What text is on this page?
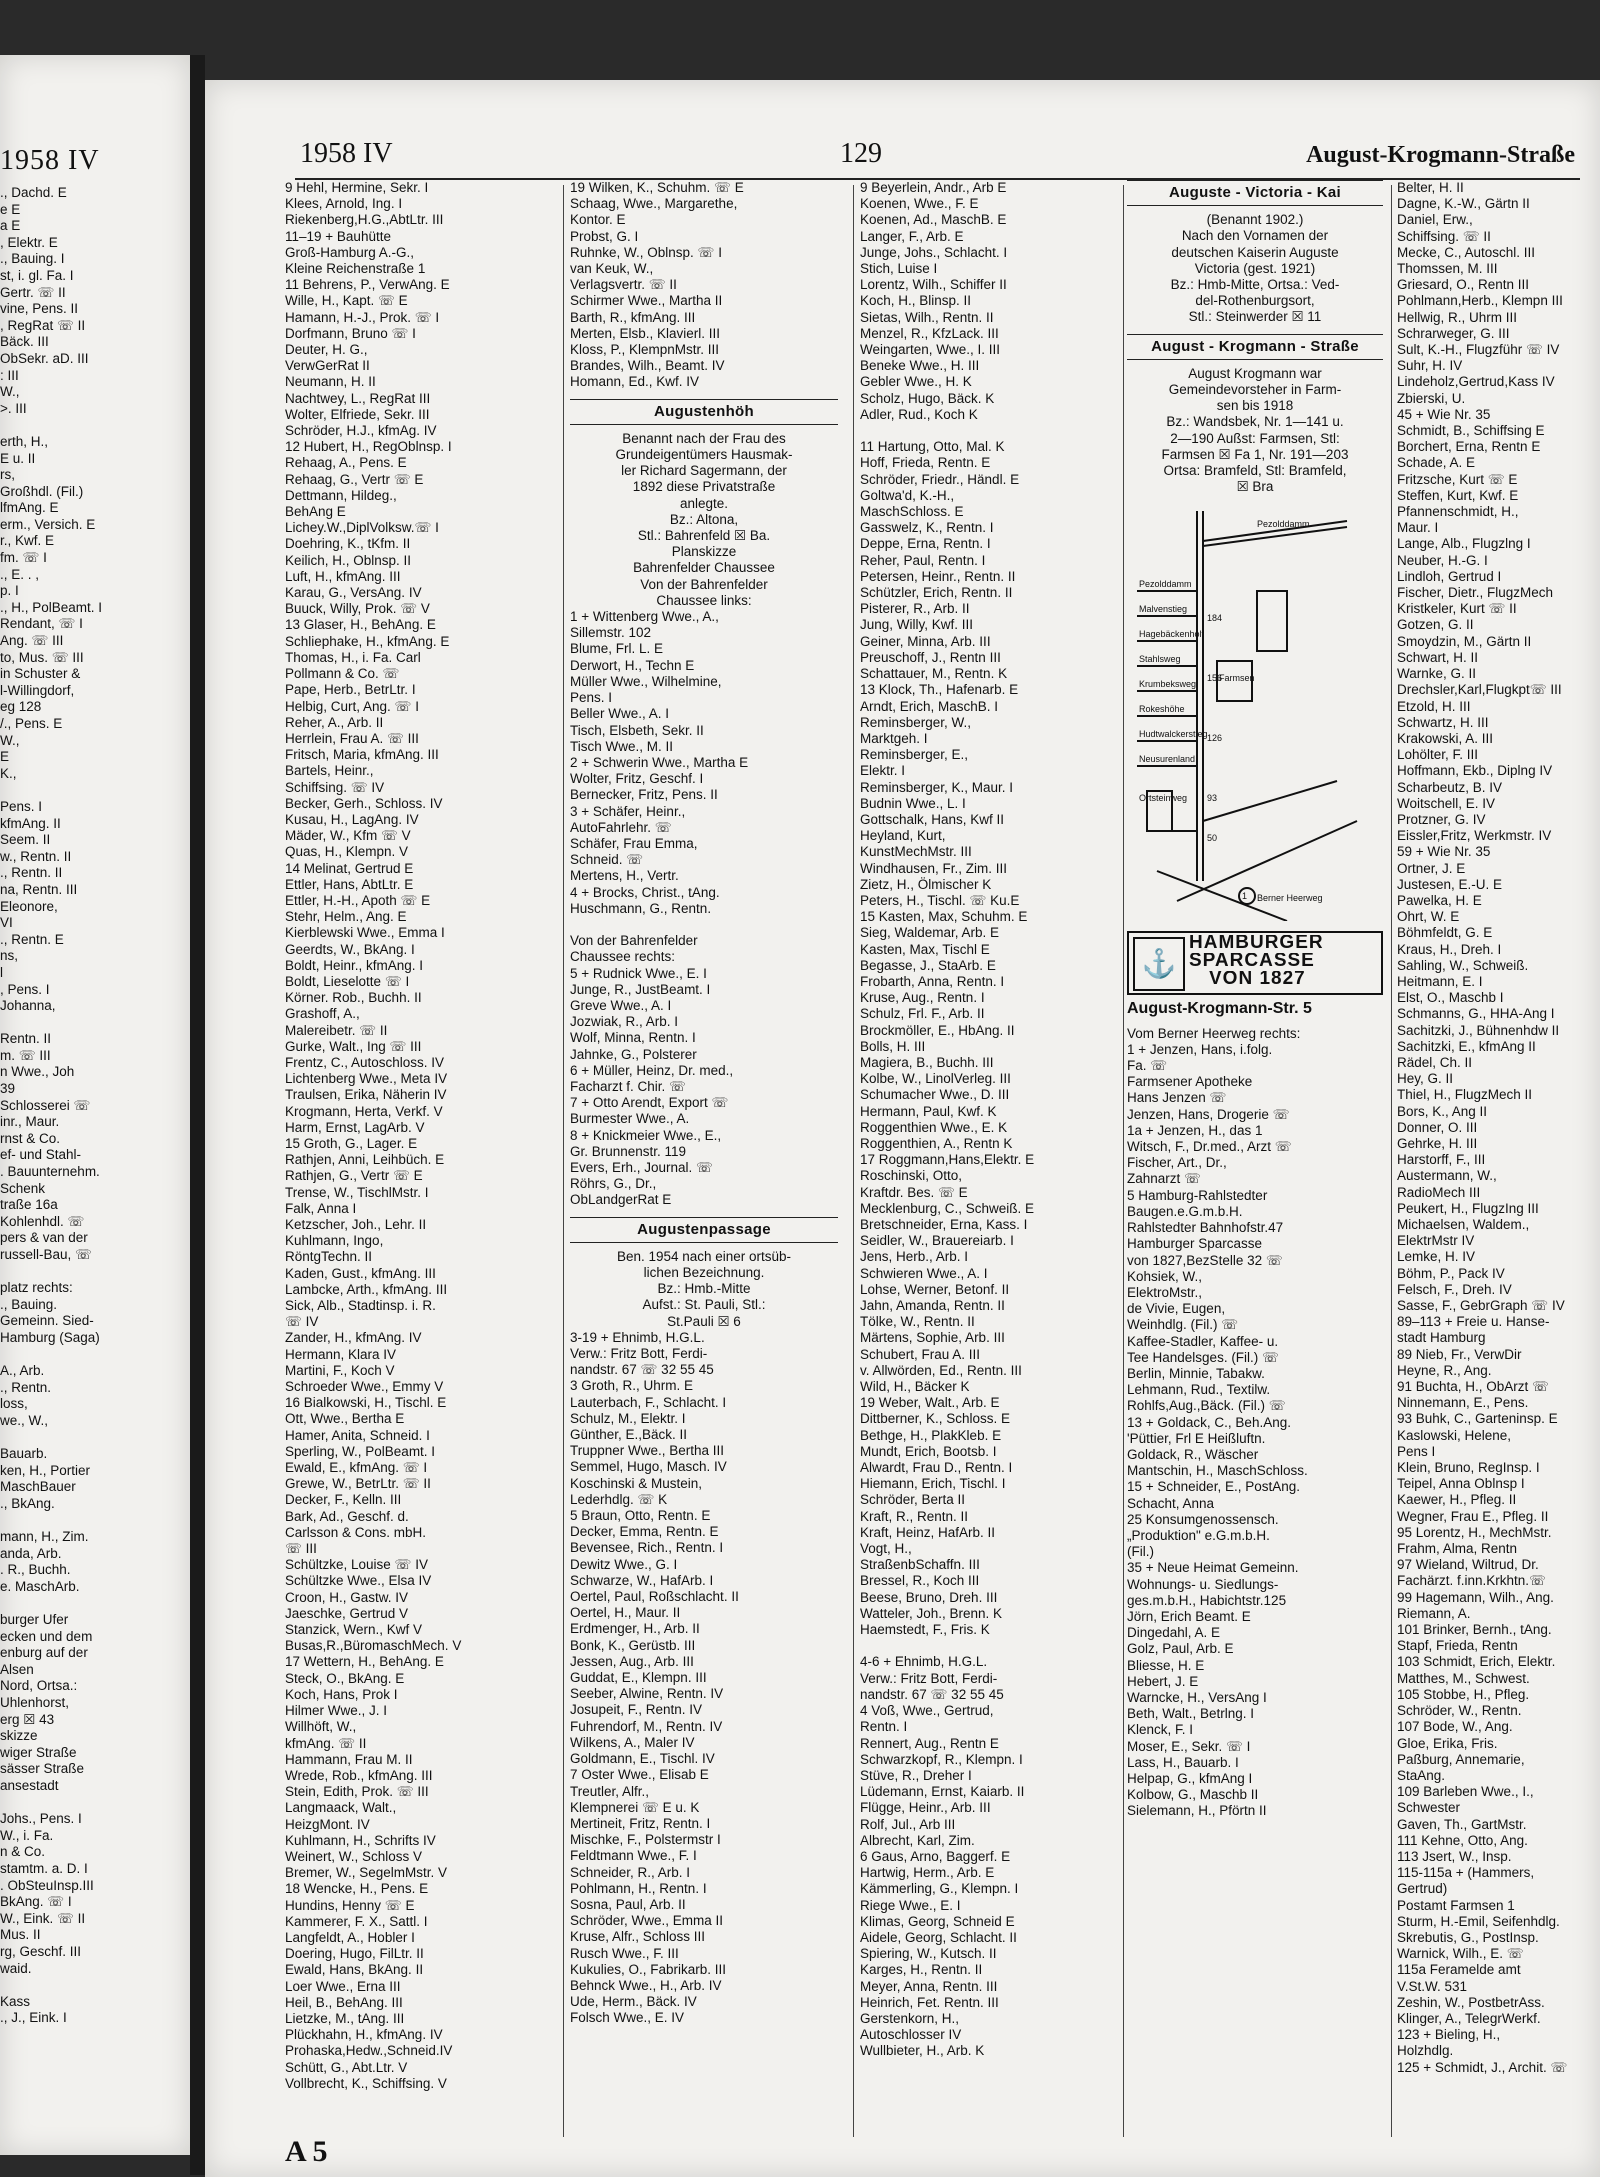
1958 IV
., Dachd. E
e E
a E
, Elektr. E
., Bauing. I
st, i. gl. Fa. I
Gertr. ☏ II
vine, Pens. II
, RegRat ☏ II
Bäck. III
ObSekr. aD. III
: III
W.,
>. III

erth, H.,
E u. II
rs,
Großhdl. (Fil.)
lfmAng. E
erm., Versich. E
r., Kwf. E
fm. ☏ I
., E. . ,
p. I
., H., PolBeamt. I
Rendant, ☏ I
Ang. ☏ III
to, Mus. ☏ III
in Schuster &
l-Willingdorf,
eg 128
/., Pens. E
W.,
E
K.,

Pens. I
kfmAng. II
Seem. II
w., Rentn. II
., Rentn. II
na, Rentn. III
Eleonore,
VI
., Rentn. E
ns,
l
, Pens. I
Johanna,

Rentn. II
m. ☏ III
n Wwe., Joh
39
Schlosserei ☏
inr., Maur.
rnst & Co.
ef- und Stahl-
. Bauunternehm.
Schenk
traße 16a
Kohlenhdl. ☏
pers & van der
russell-Bau, ☏

platz rechts:
., Bauing.
Gemeinn. Sied-
Hamburg (Saga)

A., Arb.
., Rentn.
loss,
we., W.,

Bauarb.
ken, H., Portier
MaschBauer
., BkAng.

mann, H., Zim.
anda, Arb.
. R., Buchh.
e. MaschArb.

burger Ufer
ecken und dem
enburg auf der
Alsen
Nord, Ortsa.:
Uhlenhorst,
erg ☒ 43
skizze
wiger Straße
sässer Straße
ansestadt

Johs., Pens. I
W., i. Fa.
n & Co.
stamtm. a. D. I
. ObSteuInsp.III
BkAng. ☏ I
W., Eink. ☏ II
Mus. II
rg, Geschf. III
waid.

Kass
., J., Eink. I
1958 IV	129	August-Krogmann-Straße
9 Hehl, Hermine, Sekr. I
Klees, Arnold, Ing. I
Riekenberg,H.G.,AbtLtr. III
11–19 + Bauhütte
Groß-Hamburg A.-G.,
Kleine Reichenstraße 1
11 Behrens, P., VerwAng. E
Wille, H., Kapt. ☏ E
Hamann, H.-J., Prok. ☏ I
Dorfmann, Bruno ☏ I
Deuter, H. G.,
VerwGerRat II
Neumann, H. II
Nachtwey, L., RegRat III
Wolter, Elfriede, Sekr. III
Schröder, H.J., kfmAg. IV
12 Hubert, H., RegOblnsp. I
Rehaag, A., Pens. E
Rehaag, G., Vertr ☏ E
Dettmann, Hildeg.,
BehAng E
Lichey.W.,DiplVolksw.☏ I
Doehring, K., tKfm. II
Keilich, H., Oblnsp. II
Luft, H., kfmAng. III
Karau, G., VersAng. IV
Buuck, Willy, Prok. ☏ V
13 Glaser, H., BehAng. E
Schliephake, H., kfmAng. E
Thomas, H., i. Fa. Carl
Pollmann & Co. ☏
Pape, Herb., BetrLtr. I
Helbig, Curt, Ang. ☏ I
Reher, A., Arb. II
Herrlein, Frau A. ☏ III
Fritsch, Maria, kfmAng. III
Bartels, Heinr.,
Schiffsing. ☏ IV
Becker, Gerh., Schloss. IV
Kusau, H., LagAng. IV
Mäder, W., Kfm ☏ V
Quas, H., Klempn. V
14 Melinat, Gertrud E
Ettler, Hans, AbtLtr. E
Ettler, H.-H., Apoth ☏ E
Stehr, Helm., Ang. E
Kierblewski Wwe., Emma I
Geerdts, W., BkAng. I
Boldt, Heinr., kfmAng. I
Boldt, Lieselotte ☏ I
Körner. Rob., Buchh. II
Grashoff, A.,
Malereibetr. ☏ II
Gurke, Walt., Ing ☏ III
Frentz, C., Autoschloss. IV
Lichtenberg Wwe., Meta IV
Traulsen, Erika, Näherin IV
Krogmann, Herta, Verkf. V
Harm, Ernst, LagArb. V
15 Groth, G., Lager. E
Rathjen, Anni, Leihbüch. E
Rathjen, G., Vertr ☏ E
Trense, W., TischlMstr. I
Falk, Anna I
Ketzscher, Joh., Lehr. II
Kuhlmann, Ingo,
RöntgTechn. II
Kaden, Gust., kfmAng. III
Lambcke, Arth., kfmAng. III
Sick, Alb., Stadtinsp. i. R.
☏ IV
Zander, H., kfmAng. IV
Hermann, Klara IV
Martini, F., Koch V
Schroeder Wwe., Emmy V
16 Bialkowski, H., Tischl. E
Ott, Wwe., Bertha E
Hamer, Anita, Schneid. I
Sperling, W., PolBeamt. I
Ewald, E., kfmAng. ☏ I
Grewe, W., BetrLtr. ☏ II
Decker, F., Kelln. III
Bark, Ad., Geschf. d.
Carlsson & Cons. mbH.
☏ III
Schültzke, Louise ☏ IV
Schültzke Wwe., Elsa IV
Croon, H., Gastw. IV
Jaeschke, Gertrud V
Stanzick, Wern., Kwf V
Busas,R.,BüromaschMech. V
17 Wettern, H., BehAng. E
Steck, O., BkAng. E
Koch, Hans, Prok I
Hilmer Wwe., J. I
Willhöft, W.,
kfmAng. ☏ II
Hammann, Frau M. II
Wrede, Rob., kfmAng. III
Stein, Edith, Prok. ☏ III
Langmaack, Walt.,
HeizgMont. IV
Kuhlmann, H., Schrifts IV
Weinert, W., Schloss V
Bremer, W., SegelmMstr. V
18 Wencke, H., Pens. E
Hundins, Henny ☏ E
Kammerer, F. X., Sattl. I
Langfeldt, A., Hobler I
Doering, Hugo, FilLtr. II
Ewald, Hans, BkAng. II
Loer Wwe., Erna III
Heil, B., BehAng. III
Lietzke, M., tAng. III
Plückhahn, H., kfmAng. IV
Prohaska,Hedw.,Schneid.IV
Schütt, G., Abt.Ltr. V
Vollbrecht, K., Schiffsing. V
19 Wilken, K., Schuhm. ☏ E
Schaag, Wwe., Margarethe,
Kontor. E
Probst, G. I
Ruhnke, W., Oblnsp. ☏ I
van Keuk, W.,
Verlagsvertr. ☏ II
Schirmer Wwe., Martha II
Barth, R., kfmAng. III
Merten, Elsb., Klavierl. III
Kloss, P., KlempnMstr. III
Brandes, Wilh., Beamt. IV
Homann, Ed., Kwf. IV
Augustenhöh
Benannt nach der Frau des
Grundeigentümers Hausmak-
ler Richard Sagermann, der
1892 diese Privatstraße
anlegte.
Bz.: Altona,
Stl.: Bahrenfeld ☒ Ba.
Planskizze
Bahrenfelder Chaussee
Von der Bahrenfelder
Chaussee links:
1 + Wittenberg Wwe., A.,
Sillemstr. 102
Blume, Frl. L. E
Derwort, H., Techn E
Müller Wwe., Wilhelmine,
Pens. I
Beller Wwe., A. I
Tisch, Elsbeth, Sekr. II
Tisch Wwe., M. II
2 + Schwerin Wwe., Martha E
Wolter, Fritz, Geschf. I
Bernecker, Fritz, Pens. II
3 + Schäfer, Heinr.,
AutoFahrlehr. ☏
Schäfer, Frau Emma,
Schneid. ☏
Mertens, H., Vertr.
4 + Brocks, Christ., tAng.
Huschmann, G., Rentn.

Von der Bahrenfelder
Chaussee rechts:
5 + Rudnick Wwe., E. I
Junge, R., JustBeamt. I
Greve Wwe., A. I
Jozwiak, R., Arb. I
Wolf, Minna, Rentn. I
Jahnke, G., Polsterer
6 + Müller, Heinz, Dr. med.,
Facharzt f. Chir. ☏
7 + Otto Arendt, Export ☏
Burmester Wwe., A.
8 + Knickmeier Wwe., E.,
Gr. Brunnenstr. 119
Evers, Erh., Journal. ☏
Röhrs, G., Dr.,
ObLandgerRat E
Augustenpassage
Ben. 1954 nach einer ortsüb-
lichen Bezeichnung.
Bz.: Hmb.-Mitte
Aufst.: St. Pauli, Stl.:
St.Pauli ☒ 6
3-19 + Ehnimb, H.G.L.
Verw.: Fritz Bott, Ferdi-
nandstr. 67 ☏ 32 55 45
3 Groth, R., Uhrm. E
Lauterbach, F., Schlacht. I
Schulz, M., Elektr. I
Günther, E.,Bäck. II
Truppner Wwe., Bertha III
Semmel, Hugo, Masch. IV
Koschinski & Mustein,
Lederhdlg. ☏ K
5 Braun, Otto, Rentn. E
Decker, Emma, Rentn. E
Bevensee, Rich., Rentn. I
Dewitz Wwe., G. I
Schwarze, W., HafArb. I
Oertel, Paul, Roßschlacht. II
Oertel, H., Maur. II
Erdmenger, H., Arb. II
Bonk, K., Gerüstb. III
Jessen, Aug., Arb. III
Guddat, E., Klempn. III
Seeber, Alwine, Rentn. IV
Josupeit, F., Rentn. IV
Fuhrendorf, M., Rentn. IV
Wilkens, A., Maler IV
Goldmann, E., Tischl. IV
7 Oster Wwe., Elisab E
Treutler, Alfr.,
Klempnerei ☏ E u. K
Mertineit, Fritz, Rentn. I
Mischke, F., Polstermstr I
Feldtmann Wwe., F. I
Schneider, R., Arb. I
Pohlmann, H., Rentn. I
Sosna, Paul, Arb. II
Schröder, Wwe., Emma II
Kruse, Alfr., Schloss III
Rusch Wwe., F. III
Kukulies, O., Fabrikarb. III
Behnck Wwe., H., Arb. IV
Ude, Herm., Bäck. IV
Folsch Wwe., E. IV
9 Beyerlein, Andr., Arb E
Koenen, Wwe., F. E
Koenen, Ad., MaschB. E
Langer, F., Arb. E
Junge, Johs., Schlacht. I
Stich, Luise I
Lorentz, Wilh., Schiffer II
Koch, H., Blinsp. II
Sietas, Wilh., Rentn. II
Menzel, R., KfzLack. III
Weingarten, Wwe., I. III
Beneke Wwe., H. III
Gebler Wwe., H. K
Scholz, Hugo, Bäck. K
Adler, Rud., Koch K

11 Hartung, Otto, Mal. K
Hoff, Frieda, Rentn. E
Schröder, Friedr., Händl. E
Goltwa'd, K.-H.,
MaschSchloss. E
Gasswelz, K., Rentn. I
Deppe, Erna, Rentn. I
Reher, Paul, Rentn. I
Petersen, Heinr., Rentn. II
Schützler, Erich, Rentn. II
Pisterer, R., Arb. II
Jung, Willy, Kwf. III
Geiner, Minna, Arb. III
Preuschoff, J., Rentn III
Schattauer, M., Rentn. K
13 Klock, Th., Hafenarb. E
Arndt, Erich, MaschB. I
Reminsberger, W.,
Marktgeh. I
Reminsberger, E.,
Elektr. I
Reminsberger, K., Maur. I
Budnin Wwe., L. I
Gottschalk, Hans, Kwf II
Heyland, Kurt,
KunstMechMstr. III
Windhausen, Fr., Zim. III
Zietz, H., Ölmischer K
Peters, H., Tischl. ☏ Ku.E
15 Kasten, Max, Schuhm. E
Sieg, Waldemar, Arb. E
Kasten, Max, Tischl E
Begasse, J., StaArb. E
Frobarth, Anna, Rentn. I
Kruse, Aug., Rentn. I
Schulz, Frl. F., Arb. II
Brockmöller, E., HbAng. II
Bolls, H. III
Magiera, B., Buchh. III
Kolbe, W., LinolVerleg. III
Schumacher Wwe., D. III
Hermann, Paul, Kwf. K
Roggenthien Wwe., E. K
Roggenthien, A., Rentn K
17 Roggmann,Hans,Elektr. E
Roschinski, Otto,
Kraftdr. Bes. ☏ E
Mecklenburg, C., Schweiß. E
Bretschneider, Erna, Kass. I
Seidler, W., Brauereiarb. I
Jens, Herb., Arb. I
Schwieren Wwe., A. I
Lohse, Werner, Betonf. II
Jahn, Amanda, Rentn. II
Tölke, W., Rentn. II
Märtens, Sophie, Arb. III
Schubert, Frau A. III
v. Allwörden, Ed., Rentn. III
Wild, H., Bäcker K
19 Weber, Walt., Arb. E
Dittberner, K., Schloss. E
Bethge, H., PlakKleb. E
Mundt, Erich, Bootsb. I
Alwardt, Frau D., Rentn. I
Hiemann, Erich, Tischl. I
Schröder, Berta II
Kraft, R., Rentn. II
Kraft, Heinz, HafArb. II
Vogt, H.,
StraßenbSchaffn. III
Bressel, R., Koch III
Beese, Bruno, Dreh. III
Watteler, Joh., Brenn. K
Haemstedt, F., Fris. K

4-6 + Ehnimb, H.G.L.
Verw.: Fritz Bott, Ferdi-
nandstr. 67 ☏ 32 55 45
4 Voß, Wwe., Gertrud,
Rentn. I
Rennert, Aug., Rentn E
Schwarzkopf, R., Klempn. I
Stüve, R., Dreher I
Lüdemann, Ernst, Kaiarb. II
Flügge, Heinr., Arb. III
Rolf, Jul., Arb III
Albrecht, Karl, Zim.
6 Gaus, Arno, Baggerf. E
Hartwig, Herm., Arb. E
Kämmerling, G., Klempn. I
Riege Wwe., E. I
Klimas, Georg, Schneid E
Aidele, Georg, Schlacht. II
Spiering, W., Kutsch. II
Karges, H., Rentn. II
Meyer, Anna, Rentn. III
Heinrich, Fet. Rentn. III
Gerstenkorn, H.,
Autoschlosser IV
Wullbieter, H., Arb. K
Auguste - Victoria - Kai
(Benannt 1902.)
Nach den Vornamen der
deutschen Kaiserin Auguste
Victoria (gest. 1921)
Bz.: Hmb-Mitte, Ortsa.: Ved-
del-Rothenburgsort,
Stl.: Steinwerder ☒ 11
August - Krogmann - Straße
August Krogmann war
Gemeindevorsteher in Farm-
sen bis 1918
Bz.: Wandsbek, Nr. 1—141 u.
2—190 Außst: Farmsen, Stl:
Farmsen ☒ Fa 1, Nr. 191—203
Ortsa: Bramfeld, Stl: Bramfeld,
☒ Bra
Pezolddamm
Malvenstieg
Hagebäckenholt
Stahlsweg
Krumbeksweg
Rokeshöhe
Hudtwalckerstieg
Neusurenland
Ortsteinweg
Pezolddamm
184
156
126
93
50
Farmsen
1 Berner Heerweg
⚓
HAMBURGER
SPARCASSE
VON 1827
August-Krogmann-Str. 5
Vom Berner Heerweg rechts:
1 + Jenzen, Hans, i.folg.
Fa. ☏
Farmsener Apotheke
Hans Jenzen ☏
Jenzen, Hans, Drogerie ☏
1a + Jenzen, H., das 1
Witsch, F., Dr.med., Arzt ☏
Fischer, Art., Dr.,
Zahnarzt ☏
5 Hamburg-Rahlstedter
Baugen.e.G.m.b.H.
Rahlstedter Bahnhofstr.47
Hamburger Sparcasse
von 1827,BezStelle 32 ☏
Kohsiek, W.,
ElektroMstr.,
de Vivie, Eugen,
Weinhdlg. (Fil.) ☏
Kaffee-Stadler, Kaffee- u.
Tee Handelsges. (Fil.) ☏
Berlin, Minnie, Tabakw.
Lehmann, Rud., Textilw.
Rohlfs,Aug.,Bäck. (Fil.) ☏
13 + Goldack, C., Beh.Ang.
'Püttier, Frl E Heißluftn.
Goldack, R., Wäscher
Mantschin, H., MaschSchloss.
15 + Schneider, E., PostAng.
Schacht, Anna
25 Konsumgenossensch.
„Produktion" e.G.m.b.H.
(Fil.)
35 + Neue Heimat Gemeinn.
Wohnungs- u. Siedlungs-
ges.m.b.H., Habichtstr.125
Jörn, Erich Beamt. E
Dingedahl, A. E
Golz, Paul, Arb. E
Bliesse, H. E
Hebert, J. E
Warncke, H., VersAng I
Beth, Walt., Betrlng. I
Klenck, F. I
Moser, E., Sekr. ☏ I
Lass, H., Bauarb. I
Helpap, G., kfmAng I
Kolbow, G., Maschb II
Sielemann, H., Pförtn II
Belter, H. II
Dagne, K.-W., Gärtn II
Daniel, Erw.,
Schiffsing. ☏ II
Mecke, C., Autoschl. III
Thomssen, M. III
Griesard, O., Rentn III
Pohlmann,Herb., Klempn III
Hellwig, R., Uhrm III
Schrarweger, G. III
Sult, K.-H., Flugzführ ☏ IV
Suhr, H. IV
Lindeholz,Gertrud,Kass IV
Zbierski, U.
45 + Wie Nr. 35
Schmidt, B., Schiffsing E
Borchert, Erna, Rentn E
Schade, A. E
Fritzsche, Kurt ☏ E
Steffen, Kurt, Kwf. E
Pfannenschmidt, H.,
Maur. I
Lange, Alb., Flugzlng I
Neuber, H.-G. I
Lindloh, Gertrud I
Fischer, Dietr., FlugzMech
Kristkeler, Kurt ☏ II
Gotzen, G. II
Smoydzin, M., Gärtn II
Schwart, H. II
Warnke, G. II
Drechsler,Karl,Flugkpt☏ III
Etzold, H. III
Schwartz, H. III
Krakowski, A. III
Lohölter, F. III
Hoffmann, Ekb., Diplng IV
Scharbeutz, B. IV
Woitschell, E. IV
Protzner, G. IV
Eissler,Fritz, Werkmstr. IV
59 + Wie Nr. 35
Ortner, J. E
Justesen, E.-U. E
Pawelka, H. E
Ohrt, W. E
Böhmfeldt, G. E
Kraus, H., Dreh. I
Sahling, W., Schweiß.
Heitmann, E. I
Elst, O., Maschb I
Schmanns, G., HHA-Ang I
Sachitzki, J., Bühnenhdw II
Sachitzki, E., kfmAng II
Rädel, Ch. II
Hey, G. II
Thiel, H., FlugzMech II
Bors, K., Ang II
Donner, O. III
Gehrke, H. III
Harstorff, F., III
Austermann, W.,
RadioMech III
Peukert, H., FlugzIng III
Michaelsen, Waldem.,
ElektrMstr IV
Lemke, H. IV
Böhm, P., Pack IV
Felsch, F., Dreh. IV
Sasse, F., GebrGraph ☏ IV
89–113 + Freie u. Hanse-
stadt Hamburg
89 Nieb, Fr., VerwDir
Heyne, R., Ang.
91 Buchta, H., ObArzt ☏
Ninnemann, E., Pens.
93 Buhk, C., Garteninsp. E
Kaslowski, Helene,
Pens I
Klein, Bruno, RegInsp. I
Teipel, Anna Oblnsp I
Kaewer, H., Pfleg. II
Wegner, Frau E., Pfleg. II
95 Lorentz, H., MechMstr.
Frahm, Alma, Rentn
97 Wieland, Wiltrud, Dr.
Fachärzt. f.inn.Krkhtn.☏
99 Hagemann, Wilh., Ang.
Riemann, A.
101 Brinker, Bernh., tAng.
Stapf, Frieda, Rentn
103 Schmidt, Erich, Elektr.
Matthes, M., Schwest.
105 Stobbe, H., Pfleg.
Schröder, W., Rentn.
107 Bode, W., Ang.
Gloe, Erika, Fris.
Paßburg, Annemarie,
StaAng.
109 Barleben Wwe., I.,
Schwester
Gaven, Th., GartMstr.
111 Kehne, Otto, Ang.
113 Jsert, W., Insp.
115-115a + (Hammers,
Gertrud)
Postamt Farmsen 1
Sturm, H.-Emil, Seifenhdlg.
Skrebutis, G., PostInsp.
Warnick, Wilh., E. ☏
115a Feramelde amt
V.St.W. 531
Zeshin, W., PostbetrAss.
Klinger, A., TelegrWerkf.
123 + Bieling, H.,
Holzhdlg.
125 + Schmidt, J., Archit. ☏
A 5
